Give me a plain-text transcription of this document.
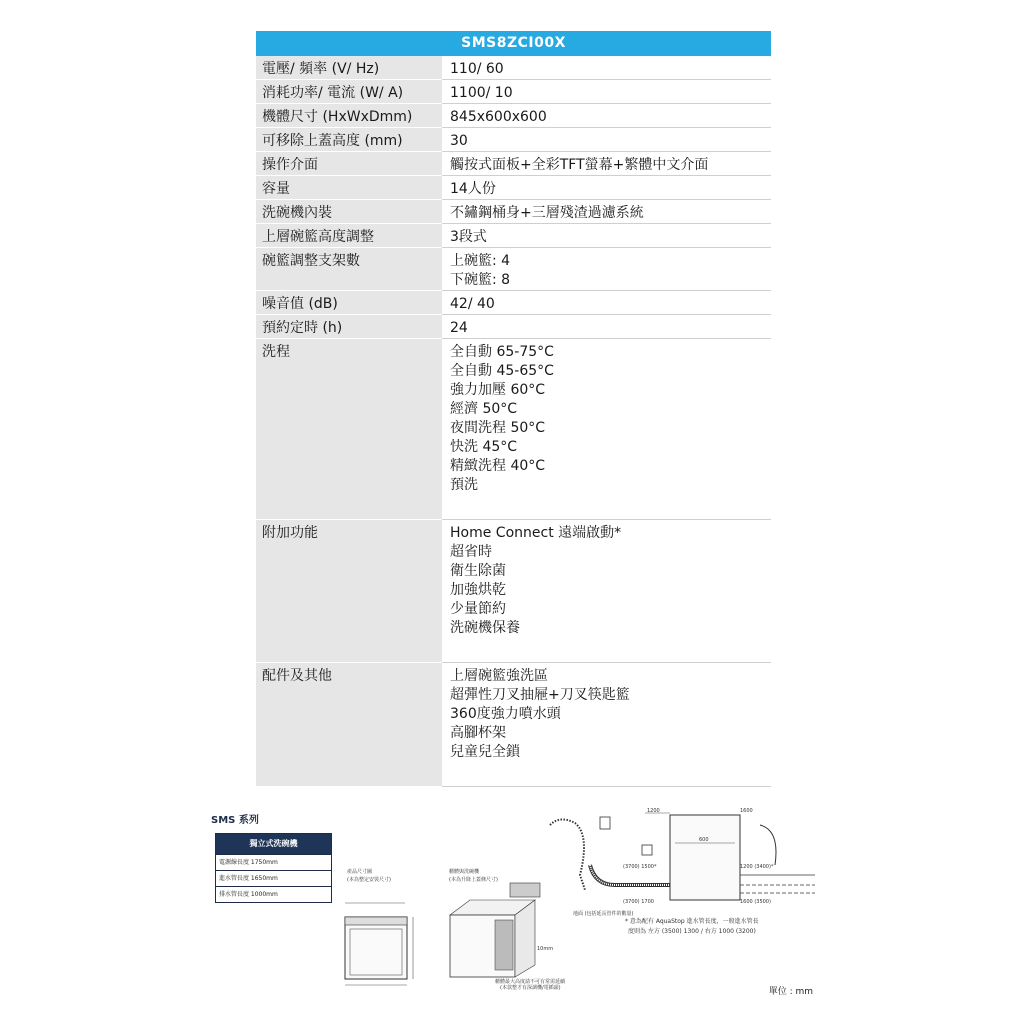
SMS8ZCI00X
電壓/ 頻率 (V/ Hz)	110/ 60
消耗功率/ 電流 (W/ A)	1100/ 10
機體尺寸 (HxWxDmm)	845x600x600
可移除上蓋高度 (mm)	30
操作介面	觸按式面板+全彩TFT螢幕+繁體中文介面
容量	14人份
洗碗機內裝	不鏽鋼桶身+三層殘渣過濾系統
上層碗籃高度調整	3段式
碗籃調整支架數	上碗籃: 4
下碗籃: 8
噪音值 (dB)	42/ 40
預約定時 (h)	24
洗程	全自動 65-75°C
全自動 45-65°C
強力加壓 60°C
經濟 50°C
夜間洗程 50°C
快洗 45°C
精緻洗程 40°C
預洗
附加功能	Home Connect 遠端啟動*
超省時
衛生除菌
加強烘乾
少量節約
洗碗機保養
配件及其他	上層碗籃強洗區
超彈性刀叉抽屜+刀叉筷匙籃
360度強力噴水頭
高腳杯架
兒童兒全鎖
SMS 系列
獨立式洗碗機
電源線長度 1750mm
進水管長度 1650mm
排水管長度 1000mm
產品尺寸圖
(本為整定安裝尺寸)
櫃體與洗碗機
(本為升降上蓋條尺寸)
10mm
櫃體最大高度請不可有常需延續
(本款整才有深調機/電插頭)
600
1200	1600
(3700) 1500*	1200 (3400)*
(3700) 1700	1600 (3500)
地面 (包括延長管件的數量)
* 意為配有 AquaStop 進水管長度，一般進水管長
度則為 左方 (3500) 1300 / 右方 1000 (3200)
單位 : mm
